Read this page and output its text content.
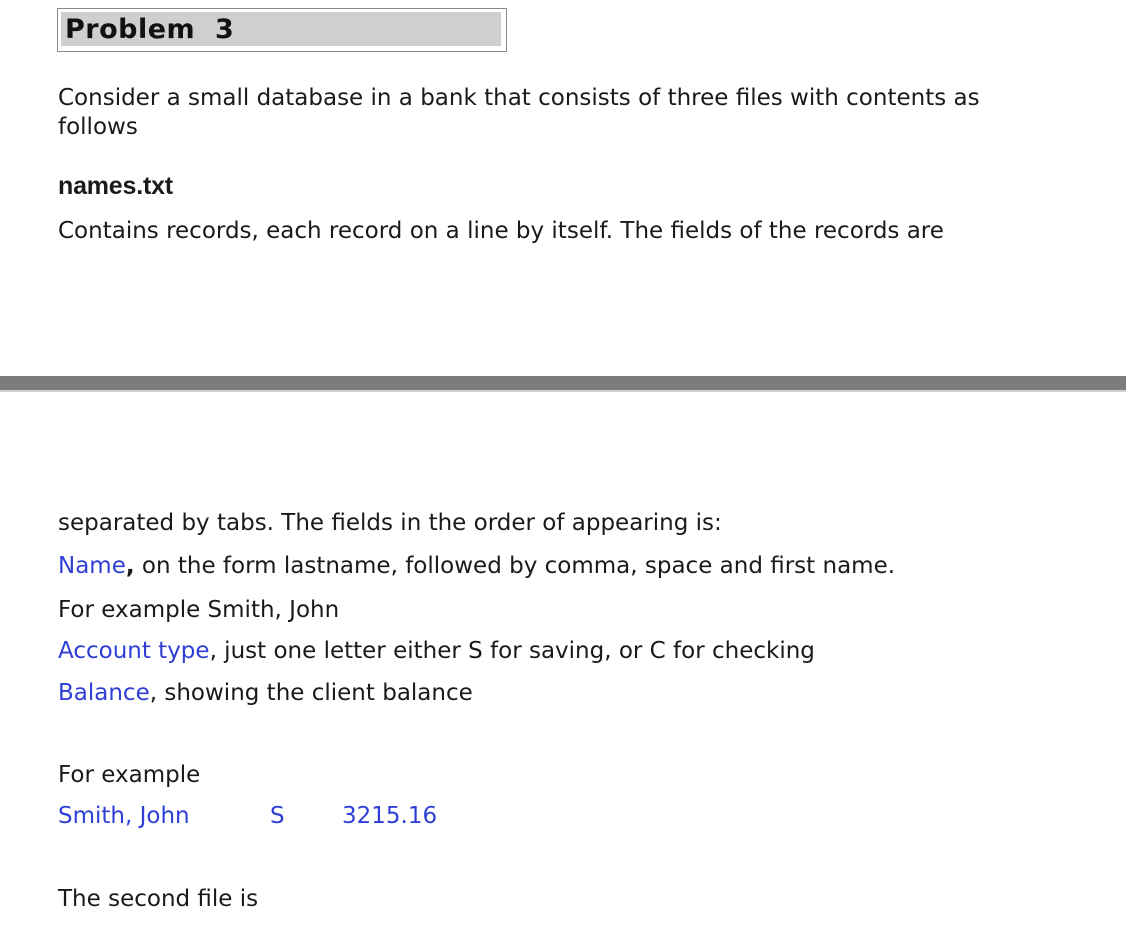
Problem  3
Consider a small database in a bank that consists of three files with contents as
follows
names.txt
Contains records, each record on a line by itself. The fields of the records are
separated by tabs. The fields in the order of appearing is:
Name, on the form lastname, followed by comma, space and first name.
For example Smith, John
Account type, just one letter either S for saving, or C for checking
Balance, showing the client balance
For example
Smith, John	S 3215.16
The second file is
